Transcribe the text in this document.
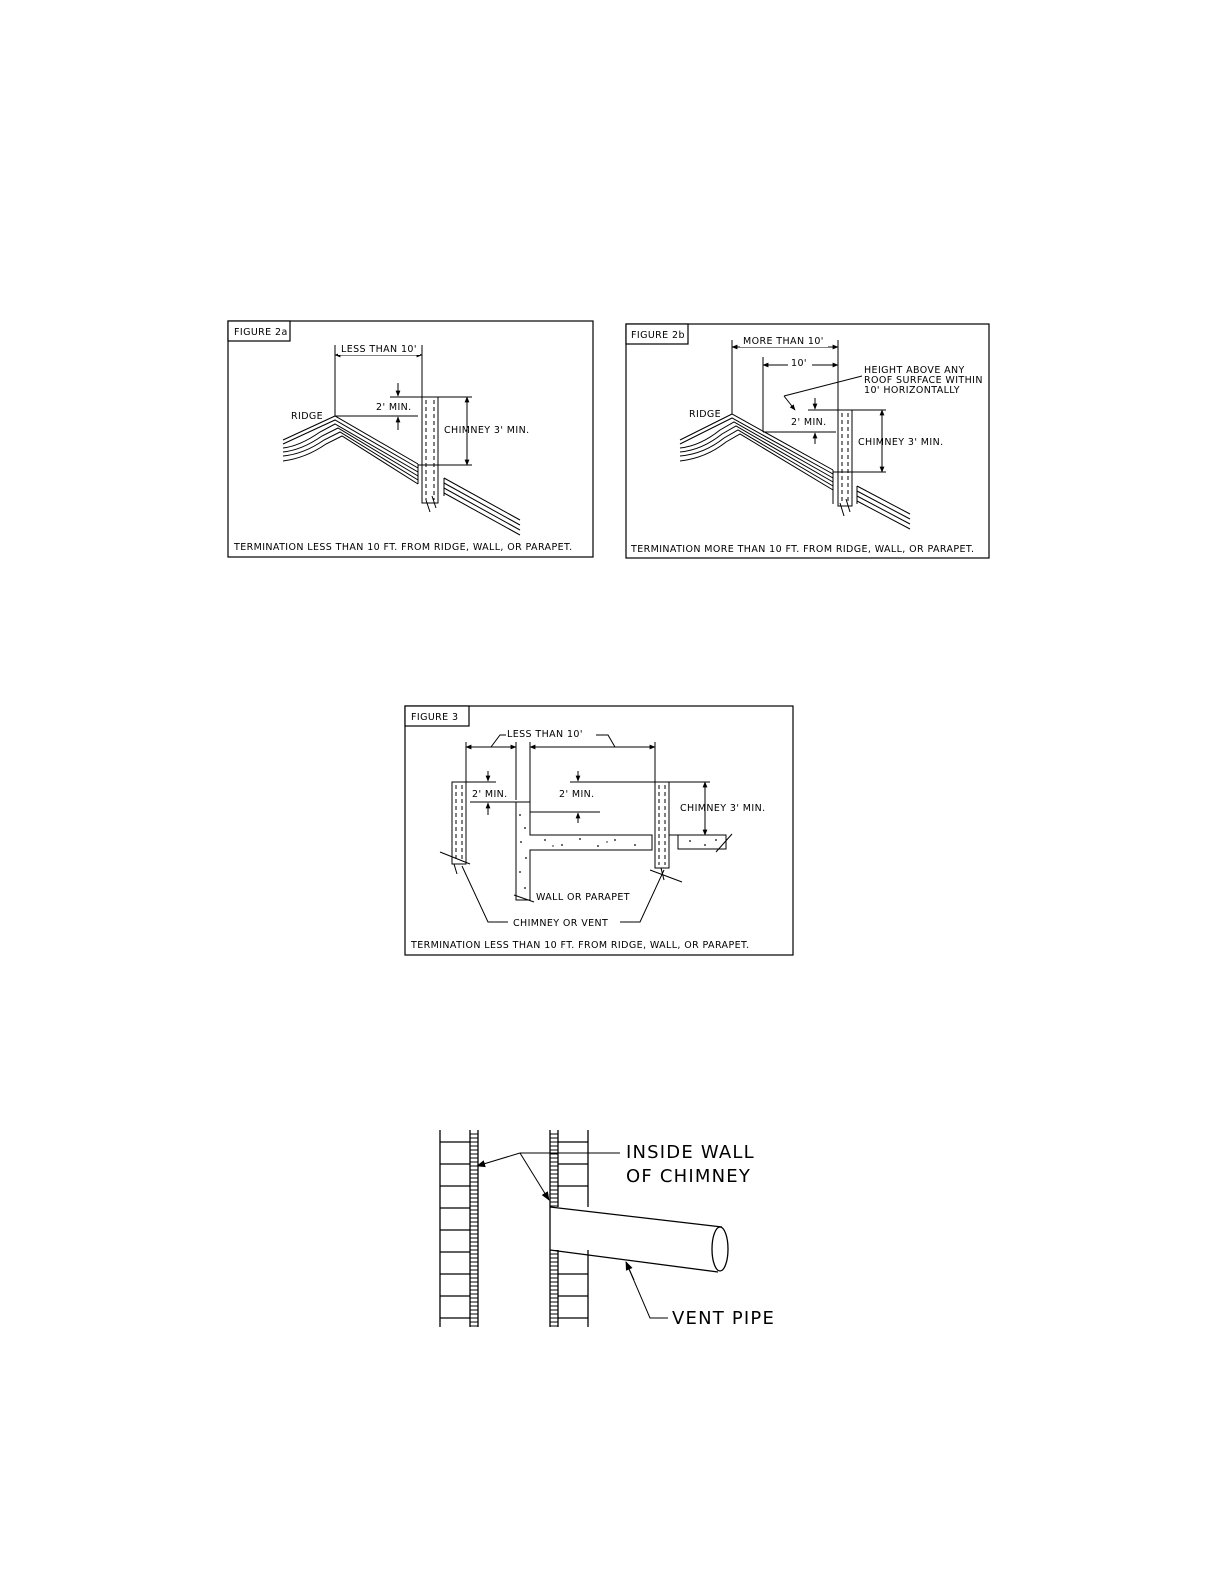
FIGURE 2a
LESS THAN 10'
RIDGE
2' MIN.
CHIMNEY 3' MIN.
TERMINATION LESS THAN 10 FT. FROM RIDGE, WALL, OR PARAPET.
FIGURE 2b
MORE THAN 10'
10'
HEIGHT ABOVE ANY
ROOF SURFACE WITHIN
10' HORIZONTALLY
RIDGE
2' MIN.
CHIMNEY 3' MIN.
TERMINATION MORE THAN 10 FT. FROM RIDGE, WALL, OR PARAPET.
FIGURE 3
LESS THAN 10'
2' MIN.	2' MIN.
CHIMNEY 3' MIN.
WALL OR PARAPET
CHIMNEY OR VENT
TERMINATION LESS THAN 10 FT. FROM RIDGE, WALL, OR PARAPET.
INSIDE WALL
OF CHIMNEY
VENT PIPE
